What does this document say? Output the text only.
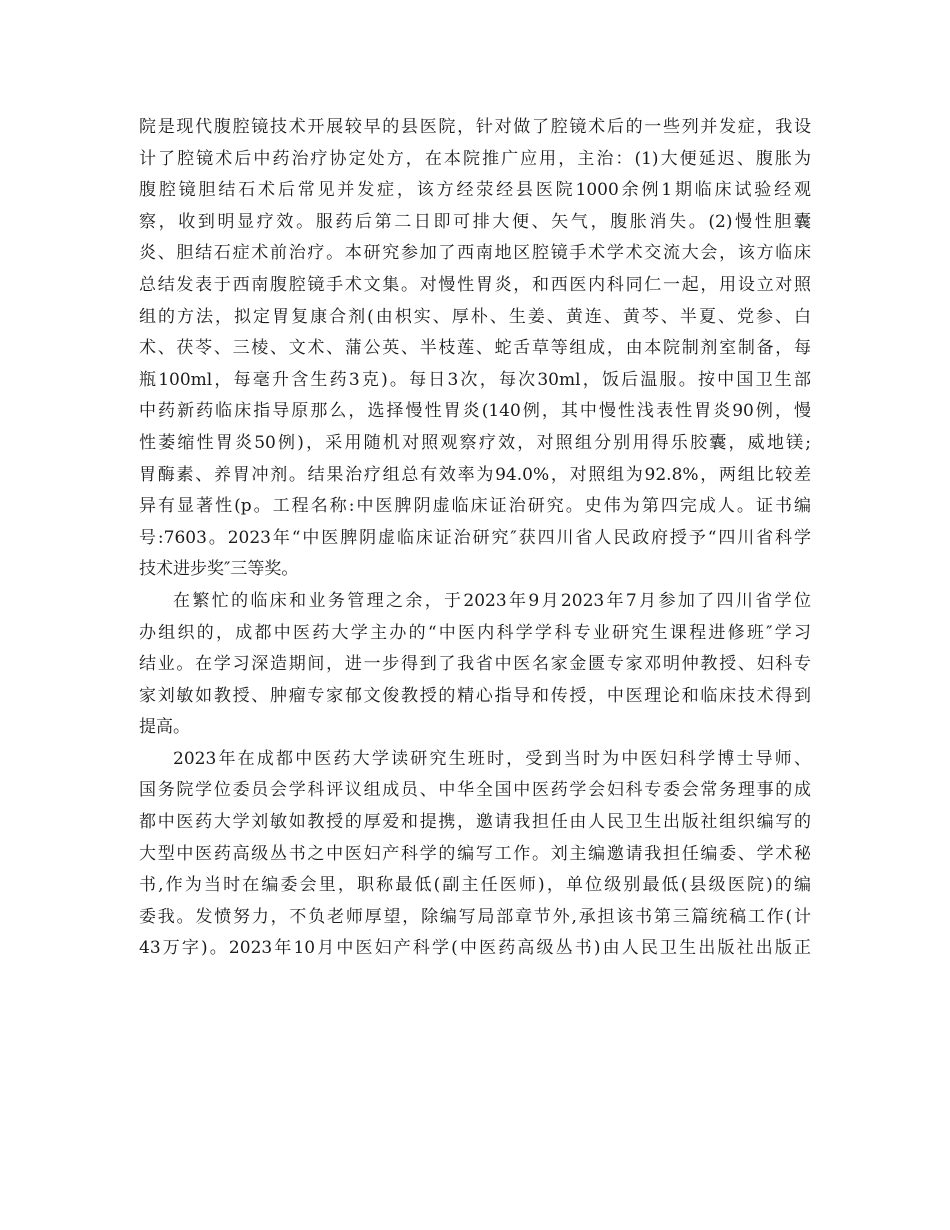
院是现代腹腔镜技术开展较早的县医院，针对做了腔镜术后的一些列并发症，我设
计了腔镜术后中药治疗协定处方，在本院推广应用，主治：(1)大便延迟、腹胀为
腹腔镜胆结石术后常见并发症，该方经荥经县医院1000余例1期临床试验经观
察，收到明显疗效。服药后第二日即可排大便、矢气，腹胀消失。(2)慢性胆囊
炎、胆结石症术前治疗。本研究参加了西南地区腔镜手术学术交流大会，该方临床
总结发表于西南腹腔镜手术文集。对慢性胃炎，和西医内科同仁一起，用设立对照
组的方法，拟定胃复康合剂(由枳实、厚朴、生姜、黄连、黄芩、半夏、党参、白
术、茯苓、三棱、文术、蒲公英、半枝莲、蛇舌草等组成，由本院制剂室制备，每
瓶100ml，每毫升含生药3克)。每日3次，每次30ml，饭后温服。按中国卫生部
中药新药临床指导原那么，选择慢性胃炎(140例，其中慢性浅表性胃炎90例，慢
性萎缩性胃炎50例)，采用随机对照观察疗效，对照组分别用得乐胶囊，威地镁;
胃酶素、养胃冲剂。结果治疗组总有效率为94.0%，对照组为92.8%，两组比较差
异有显著性(p。工程名称:中医脾阴虚临床证治研究。史伟为第四完成人。证书编
号:7603。2023年“中医脾阴虚临床证治研究″获四川省人民政府授予“四川省科学
技术进步奖″三等奖。
在繁忙的临床和业务管理之余，于2023年9月2023年7月参加了四川省学位
办组织的，成都中医药大学主办的“中医内科学学科专业研究生课程进修班″学习
结业。在学习深造期间，进一步得到了我省中医名家金匮专家邓明仲教授、妇科专
家刘敏如教授、肿瘤专家郁文俊教授的精心指导和传授，中医理论和临床技术得到
提高。
2023年在成都中医药大学读研究生班时，受到当时为中医妇科学博士导师、
国务院学位委员会学科评议组成员、中华全国中医药学会妇科专委会常务理事的成
都中医药大学刘敏如教授的厚爱和提携，邀请我担任由人民卫生出版社组织编写的
大型中医药高级丛书之中医妇产科学的编写工作。刘主编邀请我担任编委、学术秘
书,作为当时在编委会里，职称最低(副主任医师)，单位级别最低(县级医院)的编
委我。发愤努力，不负老师厚望，除编写局部章节外,承担该书第三篇统稿工作(计
43万字)。2023年10月中医妇产科学(中医药高级丛书)由人民卫生出版社出版正
